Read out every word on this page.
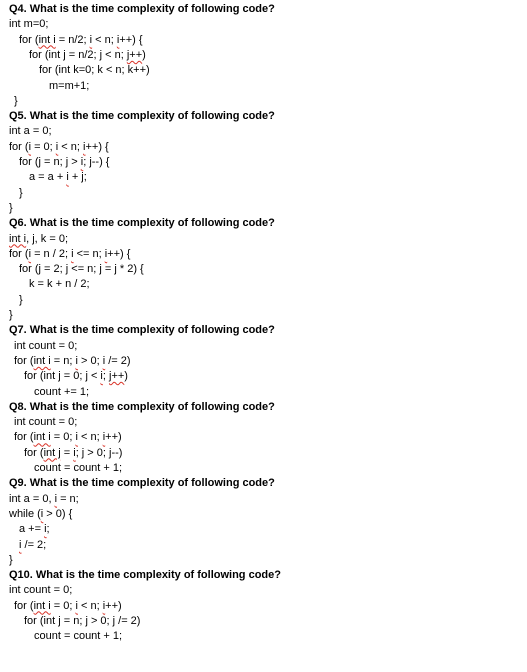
Q4. What is the time complexity of following code?
int m=0;
for (int i = n/2; i < n; i++) {
for (int j = n/2; j < n; j++)
for (int k=0; k < n; k++)
m=m+1;
}
Q5. What is the time complexity of following code?
int a = 0;
for (i = 0; i < n; i++) {
for (j = n; j > i; j--) {
a = a + i + j;
}
}
Q6. What is the time complexity of following code?
int i, j, k = 0;
for (i = n / 2; i <= n; i++) {
for (j = 2; j <= n; j = j * 2) {
k = k + n / 2;
}
}
Q7. What is the time complexity of following code?
int count = 0;
for (int i = n; i > 0; i /= 2)
for (int j = 0; j < i; j++)
count += 1;
Q8. What is the time complexity of following code?
int count = 0;
for (int i = 0; i < n; i++)
for (int j = i; j > 0; j--)
count = count + 1;
Q9. What is the time complexity of following code?
int a = 0, i = n;
while (i > 0) {
a += i;
i /= 2;
}
Q10. What is the time complexity of following code?
int count = 0;
for (int i = 0; i < n; i++)
for (int j = n; j > 0; j /= 2)
count = count + 1;
